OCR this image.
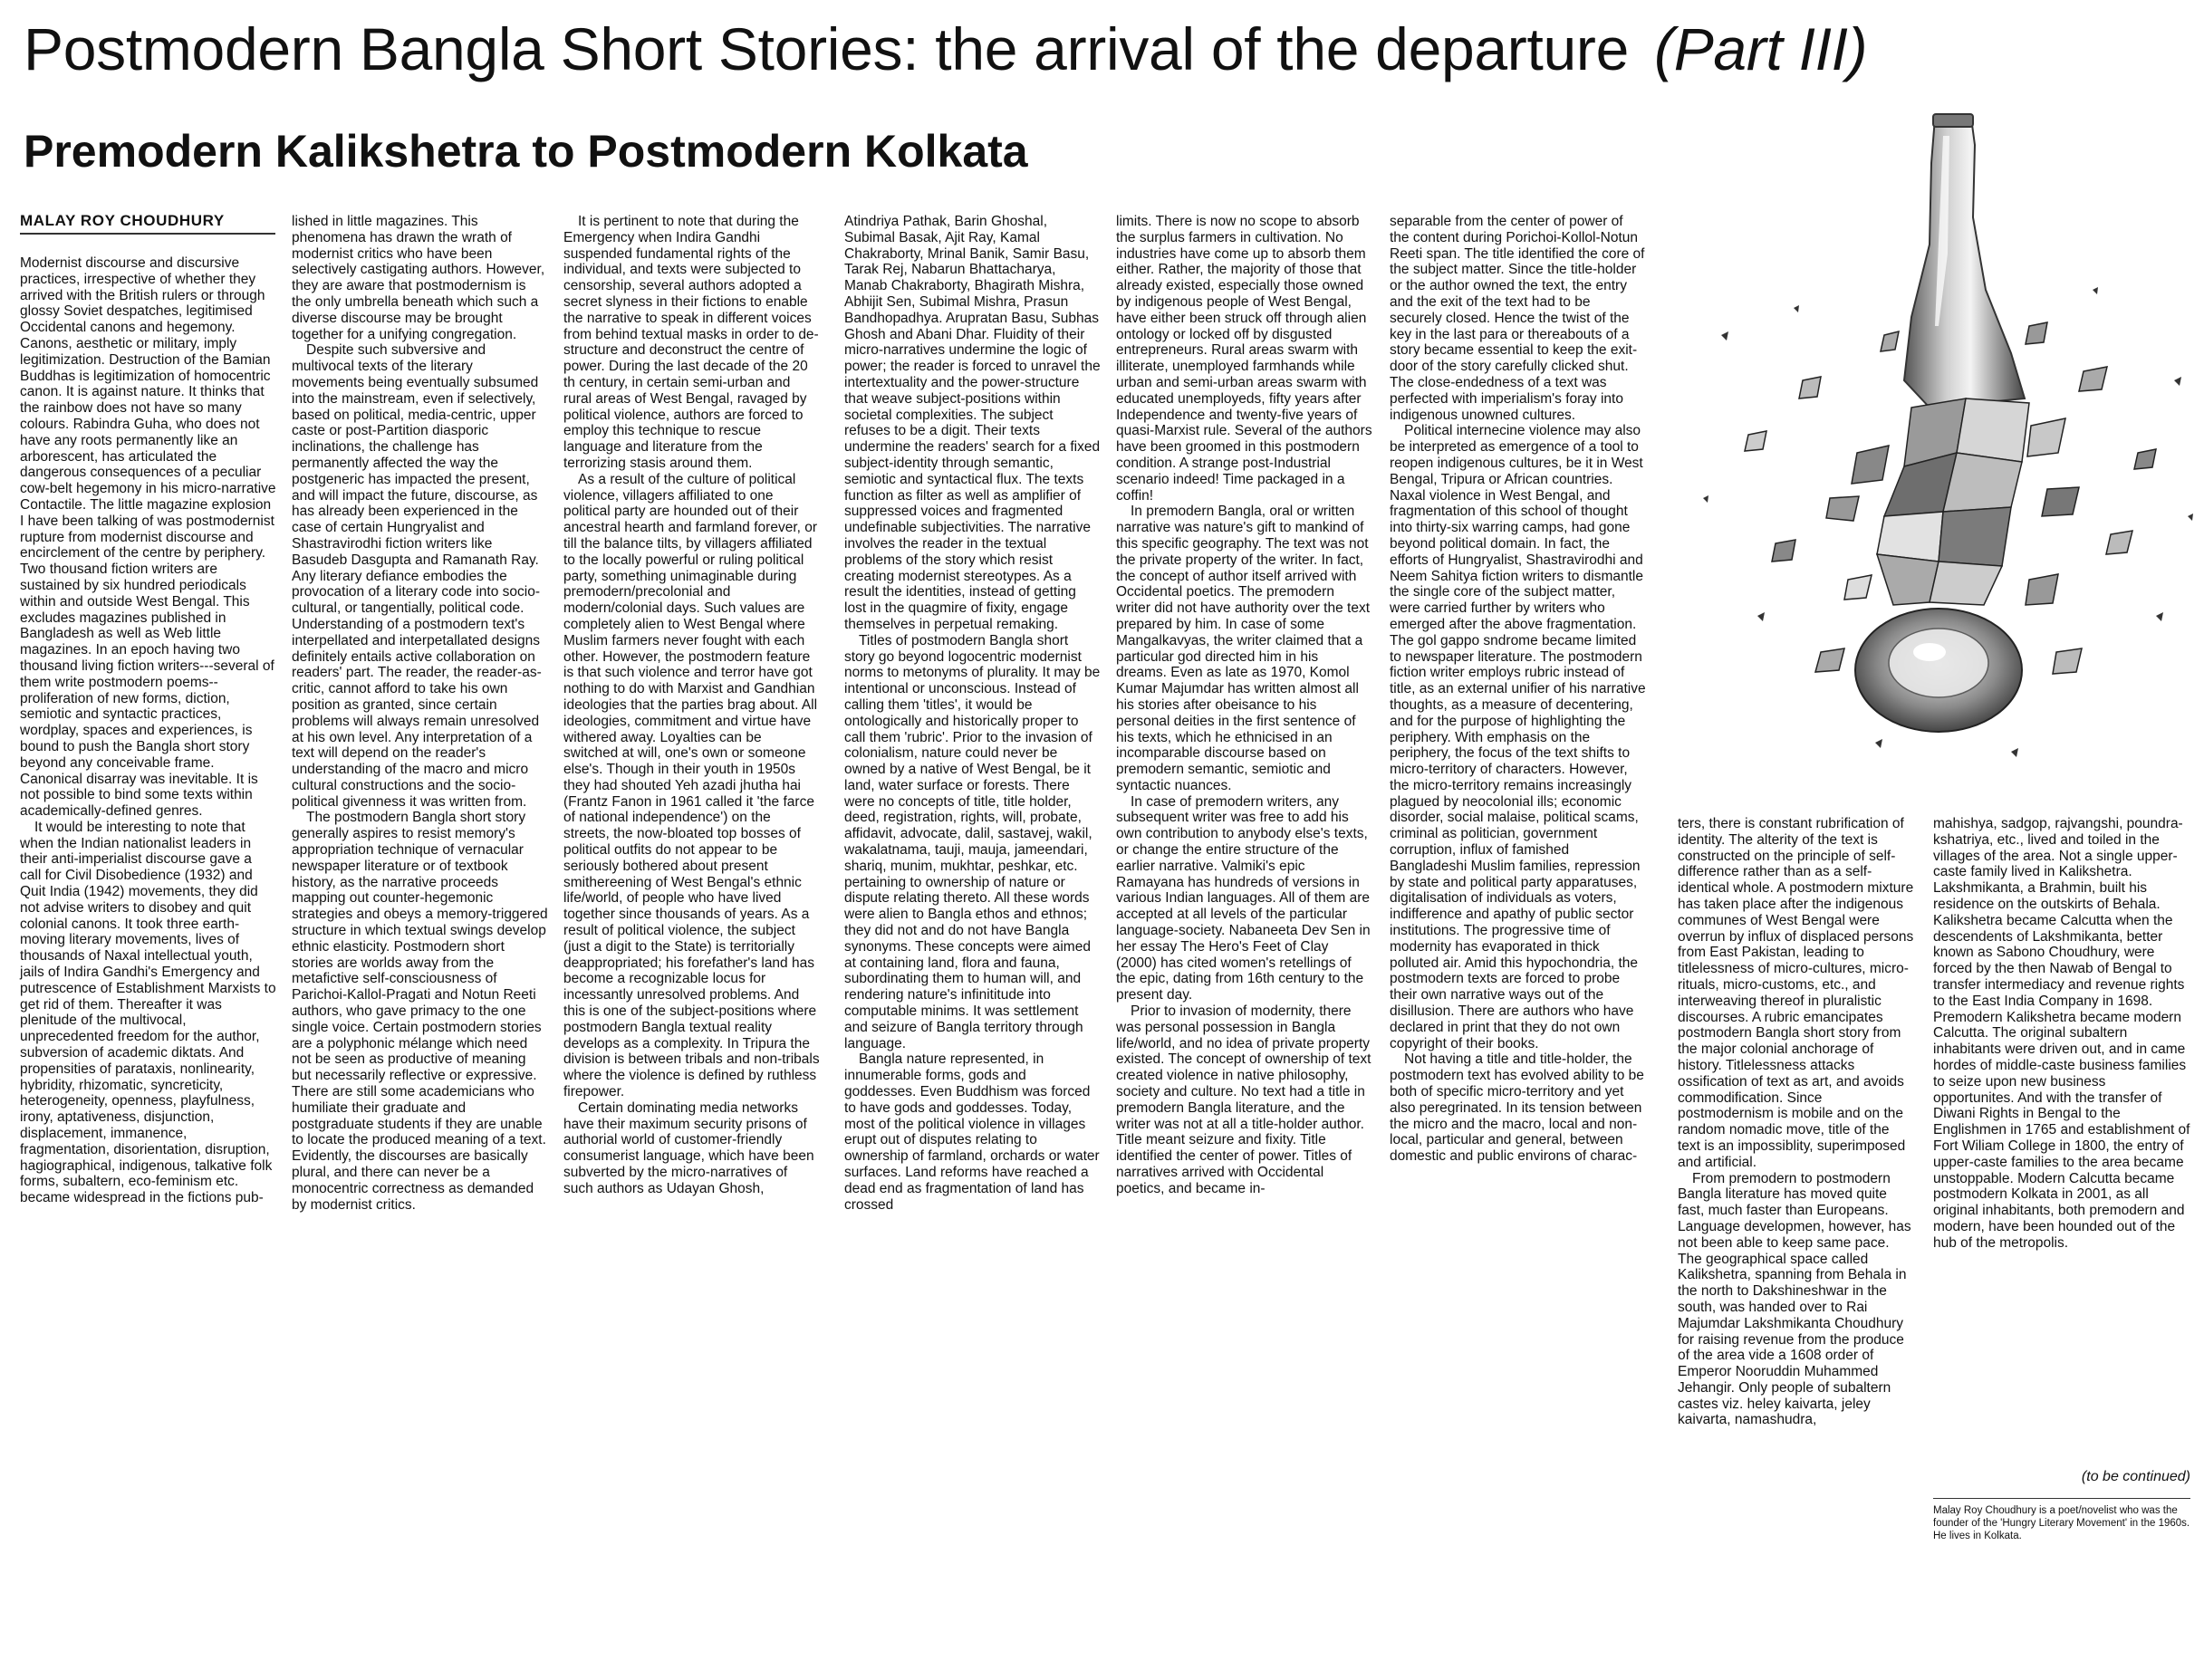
Postmodern Bangla Short Stories: the arrival of the departure (Part III)
Premodern Kalikshetra to Postmodern Kolkata
MALAY ROY CHOUDHURY

Modernist discourse and discursive practices, irrespective of whether they arrived with the British rulers or through glossy Soviet despatches, legitimised Occidental canons and hegemony. Canons, aesthetic or military, imply legitimization. Destruction of the Bamian Buddhas is legitimization of homocentric canon. It is against nature. It thinks that the rainbow does not have so many colours. Rabindra Guha, who does not have any roots permanently like an arborescent, has articulated the dangerous consequences of a peculiar cow-belt hegemony in his micro-narrative Contactile. The little magazine explosion I have been talking of was postmodernist rupture from modernist discourse and encirclement of the centre by periphery. Two thousand fiction writers are sustained by six hundred periodicals within and outside West Bengal. This excludes magazines published in Bangladesh as well as Web little magazines. In an epoch having two thousand living fiction writers---several of them write postmodern poems--proliferation of new forms, diction, semiotic and syntactic practices, wordplay, spaces and experiences, is bound to push the Bangla short story beyond any conceivable frame. Canonical disarray was inevitable. It is not possible to bind some texts within academically-defined genres.

It would be interesting to note that when the Indian nationalist leaders in their anti-imperialist discourse gave a call for Civil Disobedience (1932) and Quit India (1942) movements, they did not advise writers to disobey and quit colonial canons. It took three earth-moving literary movements, lives of thousands of Naxal intellectual youth, jails of Indira Gandhi's Emergency and putrescence of Establishment Marxists to get rid of them. Thereafter it was plenitude of the multivocal, unprecedented freedom for the author, subversion of academic diktats. And propensities of parataxis, nonlinearity, hybridity, rhizomatic, syncreticity, heterogeneity, openness, playfulness, irony, aptativeness, disjunction, displacement, immanence, fragmentation, disorientation, disruption, hagiographical, indigenous, talkative folk forms, subaltern, eco-feminism etc. became widespread in the fictions pub-

lished in little magazines. This phenomena has drawn the wrath of modernist critics who have been selectively castigating authors. However, they are aware that postmodernism is the only umbrella beneath which such a diverse discourse may be brought together for a unifying congregation.

Despite such subversive and multivocal texts of the literary movements being eventually subsumed into the mainstream, even if selectively, based on political, media-centric, upper caste or post-Partition diasporic inclinations, the challenge has permanently affected the way the postgeneric has impacted the present, and will impact the future, discourse, as has already been experienced in the case of certain Hungryalist and Shastravirodhi fiction writers like Basudeb Dasgupta and Ramanath Ray. Any literary defiance embodies the provocation of a literary code into socio-cultural, or tangentially, political code. Understanding of a postmodern text's interpellated and interpetallated designs definitely entails active collaboration on readers' part. The reader, the reader-as-critic, cannot afford to take his own position as granted, since certain problems will always remain unresolved at his own level. Any interpretation of a text will depend on the reader's understanding of the macro and micro cultural constructions and the socio-political givenness it was written from.

The postmodern Bangla short story generally aspires to resist memory's appropriation technique of vernacular newspaper literature or of textbook history, as the narrative proceeds mapping out counter-hegemonic strategies and obeys a memory-triggered structure in which textual swings develop ethnic elasticity. Postmodern short stories are worlds away from the metafictive self-consciousness of Parichoi-Kallol-Pragati and Notun Reeti authors, who gave primacy to the one single voice. Certain postmodern stories are a polyphonic mélange which need not be seen as productive of meaning but necessarily reflective or expressive. There are still some academicians who humiliate their graduate and postgraduate students if they are unable to locate the produced meaning of a text. Evidently, the discourses are basically plural, and there can never be a monocentric correctness as demanded by modernist critics.

It is pertinent to note that during the Emergency when Indira Gandhi suspended fundamental rights of the individual, and texts were subjected to censorship, several authors adopted a secret slyness in their fictions to enable the narrative to speak in different voices from behind textual masks in order to de-structure and deconstruct the centre of power. During the last decade of the 20 th century, in certain semi-urban and rural areas of West Bengal, ravaged by political violence, authors are forced to employ this technique to rescue language and literature from the terrorizing stasis around them.

As a result of the culture of political violence, villagers affiliated to one political party are hounded out of their ancestral hearth and farmland forever, or till the balance tilts, by villagers affiliated to the locally powerful or ruling political party, something unimaginable during premodern/precolonial and modern/colonial days. Such values are completely alien to West Bengal where Muslim farmers never fought with each other. However, the postmodern feature is that such violence and terror have got nothing to do with Marxist and Gandhian ideologies that the parties brag about. All ideologies, commitment and virtue have withered away. Loyalties can be switched at will, one's own or someone else's. Though in their youth in 1950s they had shouted Yeh azadi jhutha hai (Frantz Fanon in 1961 called it 'the farce of national independence') on the streets, the now-bloated top bosses of political outfits do not appear to be seriously bothered about present smithereening of West Bengal's ethnic life/world, of people who have lived together since thousands of years. As a result of political violence, the subject (just a digit to the State) is territorially deappropriated; his forefather's land has become a recognizable locus for incessantly unresolved problems. And this is one of the subject-positions where postmodern Bangla textual reality develops as a complexity. In Tripura the division is between tribals and non-tribals where the violence is defined by ruthless firepower.

Certain dominating media networks have their maximum security prisons of authorial world of customer-friendly consumerist language, which have been subverted by the micro-narratives of such authors as Udayan Ghosh,

Atindriya Pathak, Barin Ghoshal, Subimal Basak, Ajit Ray, Kamal Chakraborty, Mrinal Banik, Samir Basu, Tarak Rej, Nabarun Bhattacharya, Manab Chakraborty, Bhagirath Mishra, Abhijit Sen, Subimal Mishra, Prasun Bandhopadhya. Arupratan Basu, Subhas Ghosh and Abani Dhar. Fluidity of their micro-narratives undermine the logic of power; the reader is forced to unravel the intertextuality and the power-structure that weave subject-positions within societal complexities. The subject refuses to be a digit. Their texts undermine the readers' search for a fixed subject-identity through semantic, semiotic and syntactical flux. The texts function as filter as well as amplifier of suppressed voices and fragmented undefinable subjectivities. The narrative involves the reader in the textual problems of the story which resist creating modernist stereotypes. As a result the identities, instead of getting lost in the quagmire of fixity, engage themselves in perpetual remaking.

Titles of postmodern Bangla short story go beyond logocentric modernist norms to metonyms of plurality. It may be intentional or unconscious. Instead of calling them 'titles', it would be ontologically and historically proper to call them 'rubric'. Prior to the invasion of colonialism, nature could never be owned by a native of West Bengal, be it land, water surface or forests. There were no concepts of title, title holder, deed, registration, rights, will, probate, affidavit, advocate, dalil, sastavej, wakil, wakalatnama, tauji, mauja, jameendari, shariq, munim, mukhtar, peshkar, etc. pertaining to ownership of nature or dispute relating thereto. All these words were alien to Bangla ethos and ethnos; they did not and do not have Bangla synonyms. These concepts were aimed at containing land, flora and fauna, subordinating them to human will, and rendering nature's infinititude into computable minims. It was settlement and seizure of Bangla territory through language.

Bangla nature represented, in innumerable forms, gods and goddesses. Even Buddhism was forced to have gods and goddesses. Today, most of the political violence in villages erupt out of disputes relating to ownership of farmland, orchards or water surfaces. Land reforms have reached a dead end as fragmentation of land has crossed

limits. There is now no scope to absorb the surplus farmers in cultivation. No industries have come up to absorb them either. Rather, the majority of those that already existed, especially those owned by indigenous people of West Bengal, have either been struck off through alien ontology or locked off by disgusted entrepreneurs. Rural areas swarm with illiterate, unemployed farmhands while urban and semi-urban areas swarm with educated unemployeds, fifty years after Independence and twenty-five years of quasi-Marxist rule. Several of the authors have been groomed in this postmodern condition. A strange post-Industrial scenario indeed! Time packaged in a coffin!

In premodern Bangla, oral or written narrative was nature's gift to mankind of this specific geography. The text was not the private property of the writer. In fact, the concept of author itself arrived with Occidental poetics. The premodern writer did not have authority over the text prepared by him. In case of some Mangalkavyas, the writer claimed that a particular god directed him in his dreams. Even as late as 1970, Komol Kumar Majumdar has written almost all his stories after obeisance to his personal deities in the first sentence of his texts, which he ethnicised in an incomparable discourse based on premodern semantic, semiotic and syntactic nuances.

In case of premodern writers, any subsequent writer was free to add his own contribution to anybody else's texts, or change the entire structure of the earlier narrative. Valmiki's epic Ramayana has hundreds of versions in various Indian languages. All of them are accepted at all levels of the particular language-society. Nabaneeta Dev Sen in her essay The Hero's Feet of Clay (2000) has cited women's retellings of the epic, dating from 16th century to the present day.

Prior to invasion of modernity, there was personal possession in Bangla life/world, and no idea of private property existed. The concept of ownership of text created violence in native philosophy, society and culture. No text had a title in premodern Bangla literature, and the writer was not at all a title-holder author. Title meant seizure and fixity. Title identified the center of power. Titles of narratives arrived with Occidental poetics, and became in-

separable from the center of power of the content during Porichoi-Kollol-Notun Reeti span. The title identified the core of the subject matter. Since the title-holder or the author owned the text, the entry and the exit of the text had to be securely closed. Hence the twist of the key in the last para or thereabouts of a story became essential to keep the exit-door of the story carefully clicked shut. The close-endedness of a text was perfected with imperialism's foray into indigenous unowned cultures.

Political internecine violence may also be interpreted as emergence of a tool to reopen indigenous cultures, be it in West Bengal, Tripura or African countries. Naxal violence in West Bengal, and fragmentation of this school of thought into thirty-six warring camps, had gone beyond political domain. In fact, the efforts of Hungryalist, Shastravirodhi and Neem Sahitya fiction writers to dismantle the single core of the subject matter, were carried further by writers who emerged after the above fragmentation. The gol gappo sndrome became limited to newspaper literature. The postmodern fiction writer employs rubric instead of title, as an external unifier of his narrative thoughts, as a measure of decentering, and for the purpose of highlighting the periphery. With emphasis on the periphery, the focus of the text shifts to micro-territory of characters. However, the micro-territory remains increasingly plagued by neocolonial ills; economic disorder, social malaise, political scams, criminal as politician, government corruption, influx of famished Bangladeshi Muslim families, repression by state and political party apparatuses, digitalisation of individuals as voters, indifference and apathy of public sector institutions. The progressive time of modernity has evaporated in thick polluted air. Amid this hypochondria, the postmodern texts are forced to probe their own narrative ways out of the disillusion. There are authors who have declared in print that they do not own copyright of their books.

Not having a title and title-holder, the postmodern text has evolved ability to be both of specific micro-territory and yet also peregrinated. In its tension between the micro and the macro, local and non-local, particular and general, between domestic and public environs of charac-

ters, there is constant rubrification of identity. The alterity of the text is constructed on the principle of self-difference rather than as a self-identical whole. A postmodern mixture has taken place after the indigenous communes of West Bengal were overrun by influx of displaced persons from East Pakistan, leading to titlelessness of micro-cultures, micro-rituals, micro-customs, etc., and interweaving thereof in pluralistic discourses. A rubric emancipates postmodern Bangla short story from the major colonial anchorage of history. Titlelessness attacks ossification of text as art, and avoids commodification. Since postmodernism is mobile and on the random nomadic move, title of the text is an impossiblity, superimposed and artificial.

From premodern to postmodern Bangla literature has moved quite fast, much faster than Europeans. Language developmen, however, has not been able to keep same pace. The geographical space called Kalikshetra, spanning from Behala in the north to Dakshineshwar in the south, was handed over to Rai Majumdar Lakshmikanta Choudhury for raising revenue from the produce of the area vide a 1608 order of Emperor Nooruddin Muhammed Jehangir. Only people of subaltern castes viz. heley kaivarta, jeley kaivarta, namashudra,

mahishya, sadgop, rajvangshi, poundra-kshatriya, etc., lived and toiled in the villages of the area. Not a single upper-caste family lived in Kalikshetra. Lakshmikanta, a Brahmin, built his residence on the outskirts of Behala. Kalikshetra became Calcutta when the descendents of Lakshmikanta, better known as Sabono Choudhury, were forced by the then Nawab of Bengal to transfer intermediacy and revenue rights to the East India Company in 1698. Premodern Kalikshetra became modern Calcutta. The original subaltern inhabitants were driven out, and in came hordes of middle-caste business families to seize upon new business opportunites. And with the transfer of Diwani Rights in Bengal to the Englishmen in 1765 and establishment of Fort Wiliam College in 1800, the entry of upper-caste families to the area became unstoppable. Modern Calcutta became postmodern Kolkata in 2001, as all original inhabitants, both premodern and modern, have been hounded out of the hub of the metropolis.

(to be continued)
Malay Roy Choudhury is a poet/novelist who was the founder of the 'Hungry Literary Movement' in the 1960s. He lives in Kolkata.
